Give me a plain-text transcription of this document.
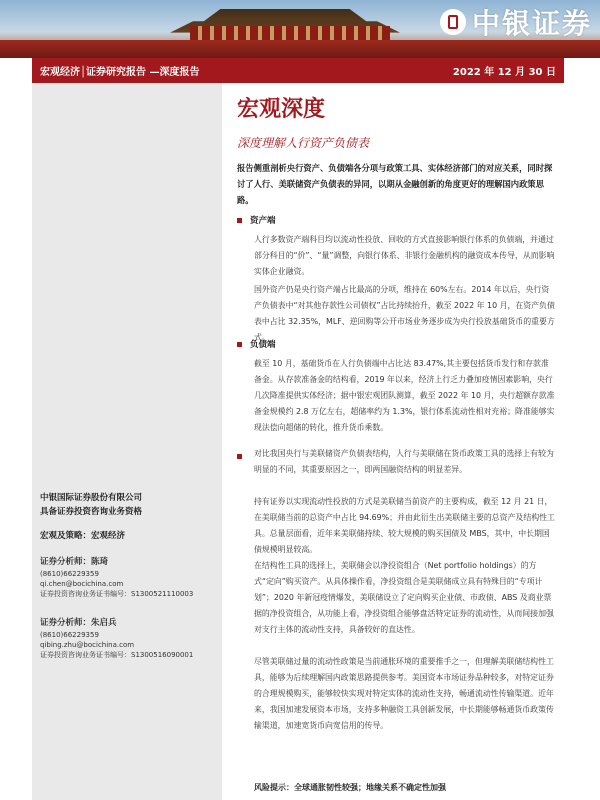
中银证券
宏观经济│证券研究报告 —深度报告	2022 年 12 月 30 日
中银国际证券股份有限公司
具备证券投资咨询业务资格
宏观及策略：宏观经济
证券分析师：陈琦
(8610)66229359
qi.chen@bocichina.com
证券投资咨询业务证书编号：S1300521110003
证券分析师：朱启兵
(8610)66229359
qibing.zhu@bocichina.com
证券投资咨询业务证书编号：S1300516090001
宏观深度
深度理解人行资产负债表
报告侧重剖析央行资产、负债端各分项与政策工具、实体经济部门的对应关系，同时探讨了人行、美联储资产负债表的异同，以期从金融创新的角度更好的理解国内政策思路。
资产端
人行多数资产端科目均以流动性投放、回收的方式直接影响银行体系的负债端，并通过部分科目的“价”、“量”调整，向银行体系、非银行金融机构的融资成本传导，从而影响实体企业融资。
国外资产仍是央行资产端占比最高的分项，维持在 60%左右。2014 年以后，央行资产负债表中“对其他存款性公司债权”占比持续抬升，截至 2022 年 10 月，在资产负债表中占比 32.35%，MLF、逆回购等公开市场业务逐步成为央行投放基础货币的重要方式。
负债端
截至 10 月，基础货币在人行负债端中占比达 83.47%,其主要包括货币发行和存款准备金。从存款准备金的结构看，2019 年以来，经济上行乏力叠加疫情因素影响，央行几次降准提供实体经济；据中银宏观团队测算，截至 2022 年 10 月，央行超额存款准备金规模约 2.8 万亿左右，超储率约为 1.3%，银行体系流动性相对充裕；降准能够实现法偿向超储的转化，推升货币乘数。
对比我国央行与美联储资产负债表结构，人行与美联储在货币政策工具的选择上有较为明显的不同，其重要原因之一，即两国融资结构的明显差异。
持有证券以实现流动性投放的方式是美联储当前资产的主要构成，截至 12 月 21 日，在美联储当前的总资产中占比 94.69%；并由此衍生出美联储主要的总资产及结构性工具。总量层面看，近年来美联储持续、较大规模的购买国债及 MBS，其中，中长期国债规模明显较高。
在结构性工具的选择上，美联储会以净投资组合（Net portfolio holdings）的方式“定向”购买资产。从具体操作看，净投资组合是美联储成立具有特殊目的“专项计划”；2020 年新冠疫情爆发，美联储设立了定向购买企业债、市政债、ABS 及商业票据的净投资组合，从功能上看，净投资组合能够盘活特定证券的流动性，从而间接加强对支行主体的流动性支持，具备较好的直达性。
尽管美联储过量的流动性政策是当前通胀环境的重要推手之一，但理解美联储结构性工具，能够为后续理解国内政策思路提供参考。美国资本市场证券品种较多，对特定证券的合理规模购买，能够较快实现对特定实体的流动性支持，畅通流动性传输渠道。近年来，我国加速发展资本市场，支持多种融资工具创新发展，中长期能够畅通货币政策传输渠道，加速宽货币向宽信用的传导。
风险提示：全球通胀韧性较强；地缘关系不确定性加强
